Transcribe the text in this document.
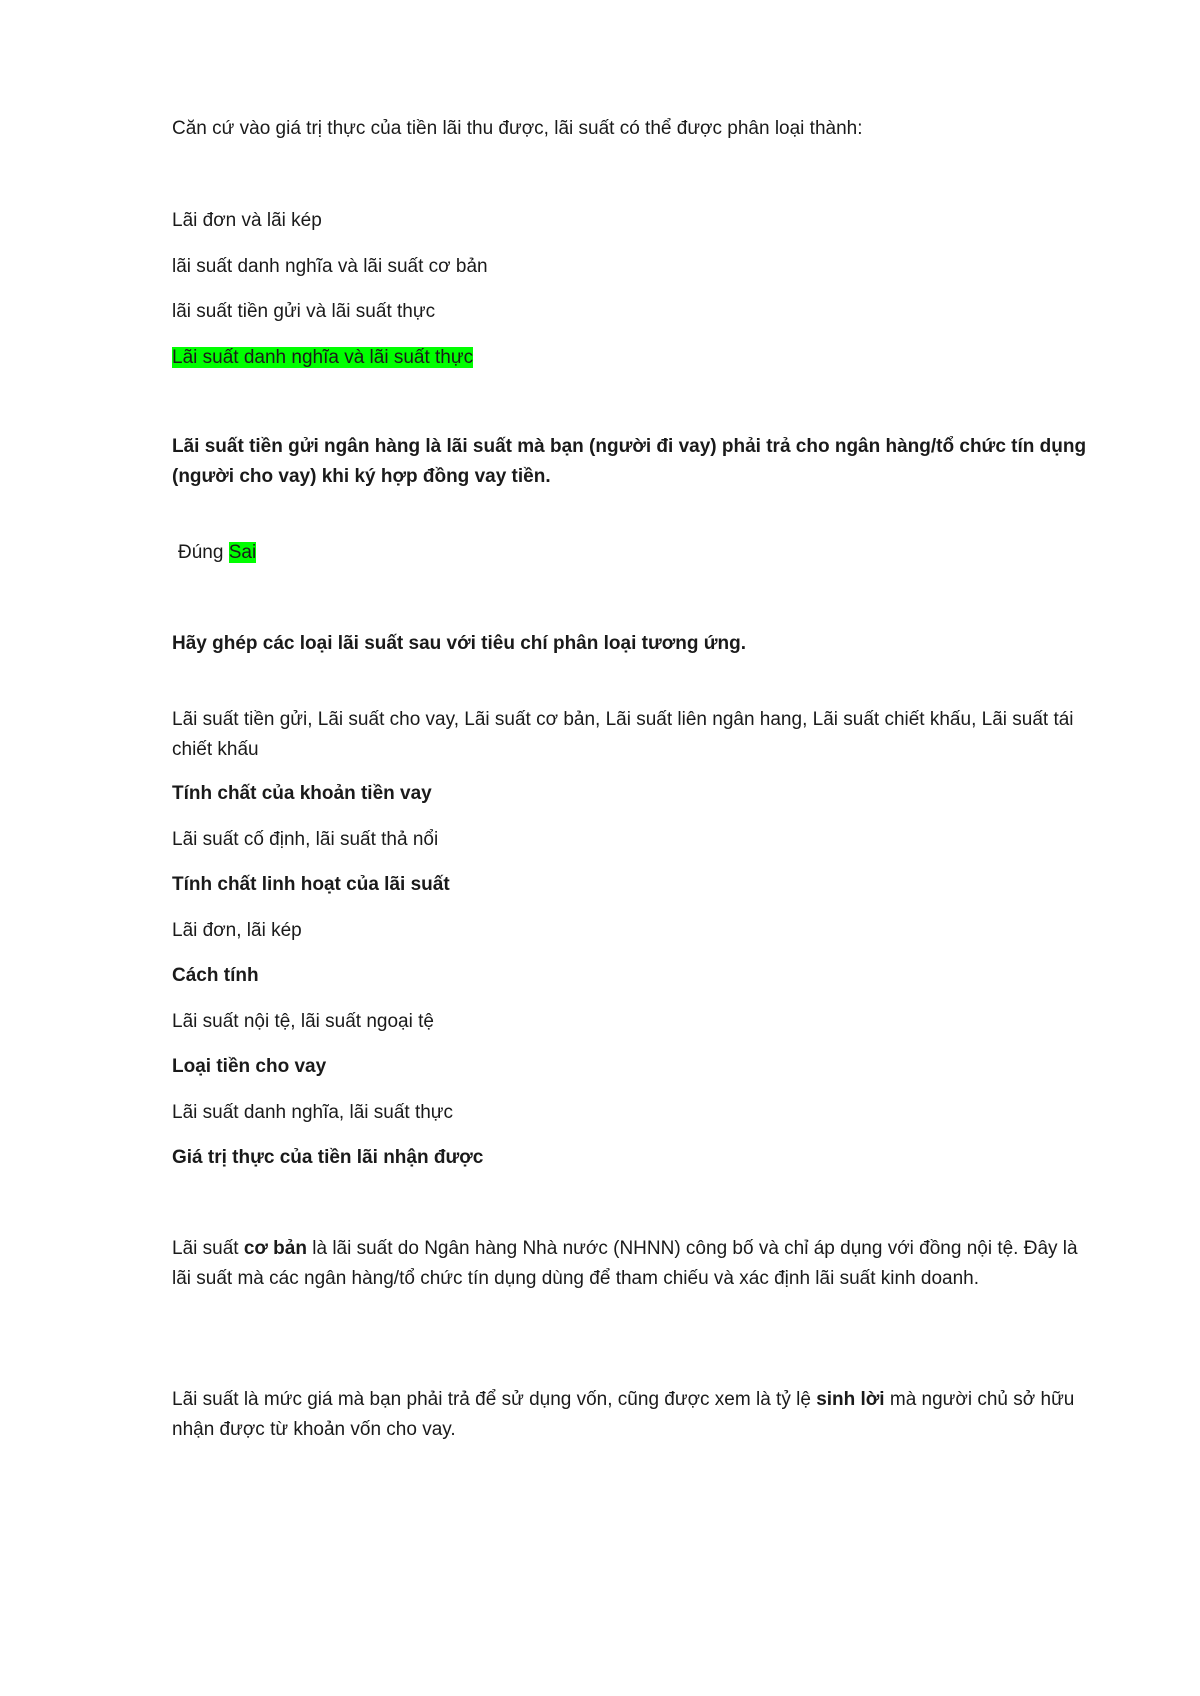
Căn cứ vào giá trị thực của tiền lãi thu được, lãi suất có thể được phân loại thành:

Lãi đơn và lãi kép

lãi suất danh nghĩa và lãi suất cơ bản

lãi suất tiền gửi và lãi suất thực

Lãi suất danh nghĩa và lãi suất thực

Lãi suất tiền gửi ngân hàng là lãi suất mà bạn (người đi vay) phải trả cho ngân hàng/tổ chức tín dụng (người cho vay) khi ký hợp đồng vay tiền.

Đúng Sai

Hãy ghép các loại lãi suất sau với tiêu chí phân loại tương ứng.

Lãi suất tiền gửi, Lãi suất cho vay, Lãi suất cơ bản, Lãi suất liên ngân hang, Lãi suất chiết khấu, Lãi suất tái chiết khấu

Tính chất của khoản tiền vay

Lãi suất cố định, lãi suất thả nổi

Tính chất linh hoạt của lãi suất

Lãi đơn, lãi kép

Cách tính

Lãi suất nội tệ, lãi suất ngoại tệ

Loại tiền cho vay

Lãi suất danh nghĩa, lãi suất thực

Giá trị thực của tiền lãi nhận được

Lãi suất cơ bản là lãi suất do Ngân hàng Nhà nước (NHNN) công bố và chỉ áp dụng với đồng nội tệ. Đây là lãi suất mà các ngân hàng/tổ chức tín dụng dùng để tham chiếu và xác định lãi suất kinh doanh.

Lãi suất là mức giá mà bạn phải trả để sử dụng vốn, cũng được xem là tỷ lệ sinh lời mà người chủ sở hữu nhận được từ khoản vốn cho vay.
